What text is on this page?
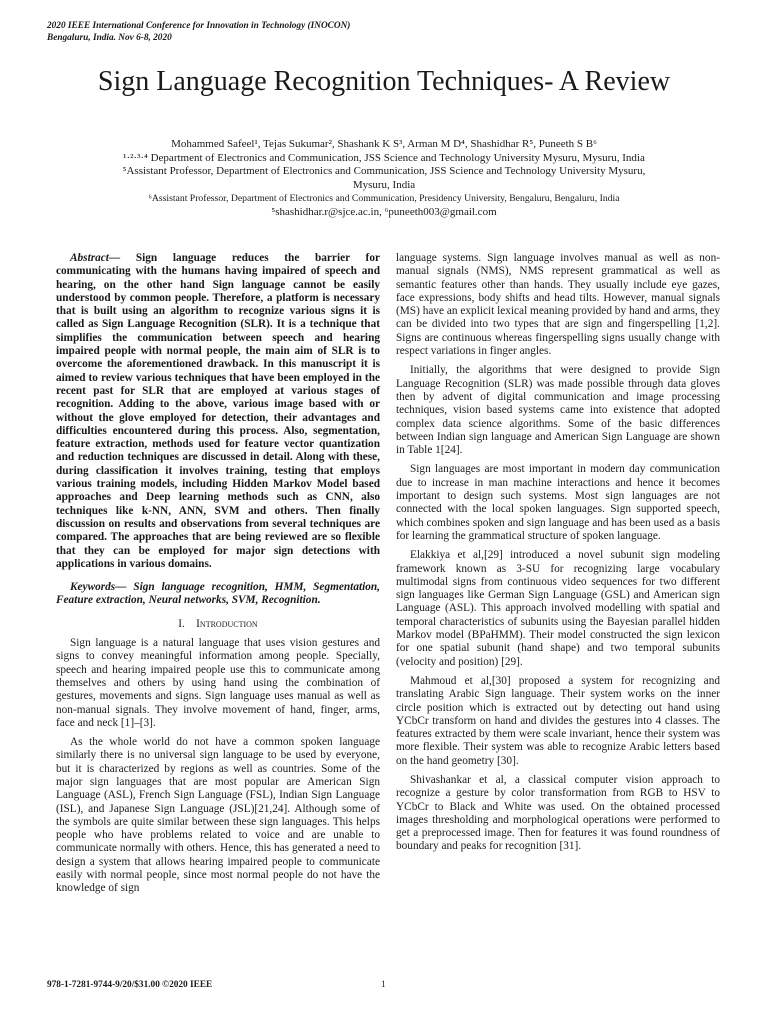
2020 IEEE International Conference for Innovation in Technology (INOCON)
Bengaluru, India. Nov 6-8, 2020
Sign Language Recognition Techniques- A Review
Mohammed Safeel¹, Tejas Sukumar², Shashank K S³, Arman M D⁴, Shashidhar R⁵, Puneeth S B⁶
¹·²·³·⁴ Department of Electronics and Communication, JSS Science and Technology University Mysuru, Mysuru, India
⁵Assistant Professor, Department of Electronics and Communication, JSS Science and Technology University Mysuru,
Mysuru, India
⁶Assistant Professor, Department of Electronics and Communication, Presidency University, Bengaluru, Bengaluru, India
⁵shashidhar.r@sjce.ac.in, ⁶puneeth003@gmail.com

Abstract— Sign language reduces the barrier for communicating with the humans having impaired of speech and hearing, on the other hand Sign language cannot be easily understood by common people. Therefore, a platform is necessary that is built using an algorithm to recognize various signs it is called as Sign Language Recognition (SLR). It is a technique that simplifies the communication between speech and hearing impaired people with normal people, the main aim of SLR is to overcome the aforementioned drawback. In this manuscript it is aimed to review various techniques that have been employed in the recent past for SLR that are employed at various stages of recognition. Adding to the above, various image based with or without the glove employed for detection, their advantages and difficulties encountered during this process. Also, segmentation, feature extraction, methods used for feature vector quantization and reduction techniques are discussed in detail. Along with these, during classification it involves training, testing that employs various training models, including Hidden Markov Model based approaches and Deep learning methods such as CNN, also techniques like k-NN, ANN, SVM and others. Then finally discussion on results and observations from several techniques are compared. The approaches that are being reviewed are so flexible that they can be employed for major sign detections with applications in various domains.

Keywords— Sign language recognition, HMM, Segmentation, Feature extraction, Neural networks, SVM, Recognition.

I. Introduction

Sign language is a natural language that uses vision gestures and signs to convey meaningful information among people. Specially, speech and hearing impaired people use this to communicate among themselves and others by using hand using the combination of gestures, movements and signs. Sign language uses manual as well as non-manual signals. They involve movement of hand, finger, arms, face and neck [1]–[3].

As the whole world do not have a common spoken language similarly there is no universal sign language to be used by everyone, but it is characterized by regions as well as countries. Some of the major sign languages that are most popular are American Sign Language (ASL), French Sign Language (FSL), Indian Sign Language (ISL), and Japanese Sign Language (JSL)[21,24]. Although some of the symbols are quite similar between these sign languages. This helps people who have problems related to voice and are unable to communicate normally with others. Hence, this has generated a need to design a system that allows hearing impaired people to communicate easily with normal people, since most normal people do not have the knowledge of sign

language systems. Sign language involves manual as well as non-manual signals (NMS), NMS represent grammatical as well as semantic features other than hands. They usually include eye gazes, face expressions, body shifts and head tilts. However, manual signals (MS) have an explicit lexical meaning provided by hand and arms, they can be divided into two types that are sign and fingerspelling [1,2]. Signs are continuous whereas fingerspelling signs usually change with respect variations in finger angles.

Initially, the algorithms that were designed to provide Sign Language Recognition (SLR) was made possible through data gloves then by advent of digital communication and image processing techniques, vision based systems came into existence that adopted complex data science algorithms. Some of the basic differences between Indian sign language and American Sign Language are shown in Table 1[24].

Sign languages are most important in modern day communication due to increase in man machine interactions and hence it becomes important to design such systems. Most sign languages are not connected with the local spoken languages. Sign supported speech, which combines spoken and sign language and has been used as a basis for learning the grammatical structure of spoken language.

Elakkiya et al,[29] introduced a novel subunit sign modeling framework known as 3-SU for recognizing large vocabulary multimodal signs from continuous video sequences for two different sign languages like German Sign Language (GSL) and American sign Language (ASL). This approach involved modelling with spatial and temporal characteristics of subunits using the Bayesian parallel hidden Markov model (BPaHMM). Their model constructed the sign lexicon for one spatial subunit (hand shape) and two temporal subunits (velocity and position) [29].

Mahmoud et al,[30] proposed a system for recognizing and translating Arabic Sign language. Their system works on the inner circle position which is extracted out by detecting out hand using YCbCr transform on hand and divides the gestures into 4 classes. The features extracted by them were scale invariant, hence their system was more flexible. Their system was able to recognize Arabic letters based on the hand geometry [30].

Shivashankar et al, a classical computer vision approach to recognize a gesture by color transformation from RGB to HSV to YCbCr to Black and White was used. On the obtained processed images thresholding and morphological operations were performed to get a preprocessed image. Then for features it was found roundness of boundary and peaks for recognition [31].

978-1-7281-9744-9/20/$31.00 ©2020 IEEE	1
